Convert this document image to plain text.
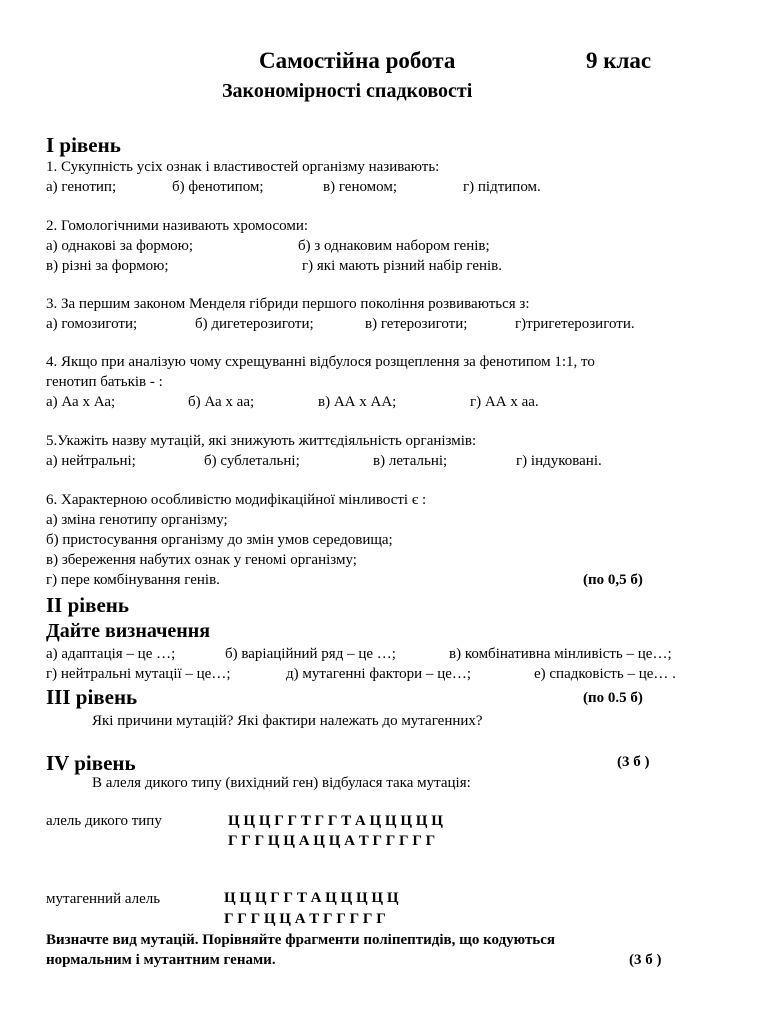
Самостійна робота	9 клас
Закономірності спадковості
І рівень
1. Сукупність усіх ознак і властивостей організму називають:
а) генотип;	б) фенотипом;	в) геномом;	г) підтипом.
2. Гомологічними називають хромосоми:
а) однакові за формою;	б) з однаковим набором генів;
в) різні за формою;	г) які мають різний набір генів.
3. За першим законом Менделя гібриди першого покоління розвиваються з:
а) гомозиготи;	б) дигетерозиготи;	в) гетерозиготи;	г)тригетерозиготи.
4. Якщо при аналізую чому схрещуванні відбулося розщеплення за фенотипом 1:1, то
генотип батьків - :
а) Аа х Аа;	б) Аа х аа;	в) АА х АА;	г) АА х аа.
5.Укажіть назву мутацій, які знижують життєдіяльність організмів:
а) нейтральні;	б) сублетальні;	в) летальні;	г) індуковані.
6. Характерною особливістю модифікаційної мінливості є :
а) зміна генотипу організму;
б) пристосування організму до змін умов середовища;
в) збереження набутих ознак у геномі організму;
г) пере комбінування генів.	(по 0,5 б)
ІІ рівень
Дайте визначення
а) адаптація – це …;	б) варіаційний ряд – це …;	в) комбінативна мінливість – це…;
г) нейтральні мутації – це…;	д) мутагенні фактори – це…;	е) спадковість – це… .
ІІІ рівень	(по 0.5 б)
Які причини мутацій? Які фактири належать до мутагенних?
ІV рівень	(3 б )
В алеля дикого типу (вихідний ген) відбулася така мутація:
алель дикого типу	Ц Ц Ц Г Г Т Г Г Т А Ц Ц Ц Ц Ц
Г Г Г Ц Ц А Ц Ц А Т Г Г Г Г Г
мутагенний алель	Ц Ц Ц Г Г Т А Ц Ц Ц Ц Ц
Г Г Г Ц Ц А Т Г Г Г Г Г
Визначте вид мутацій. Порівняйте фрагменти поліпептидів, що кодуються
нормальним і мутантним генами.	(3 б )
